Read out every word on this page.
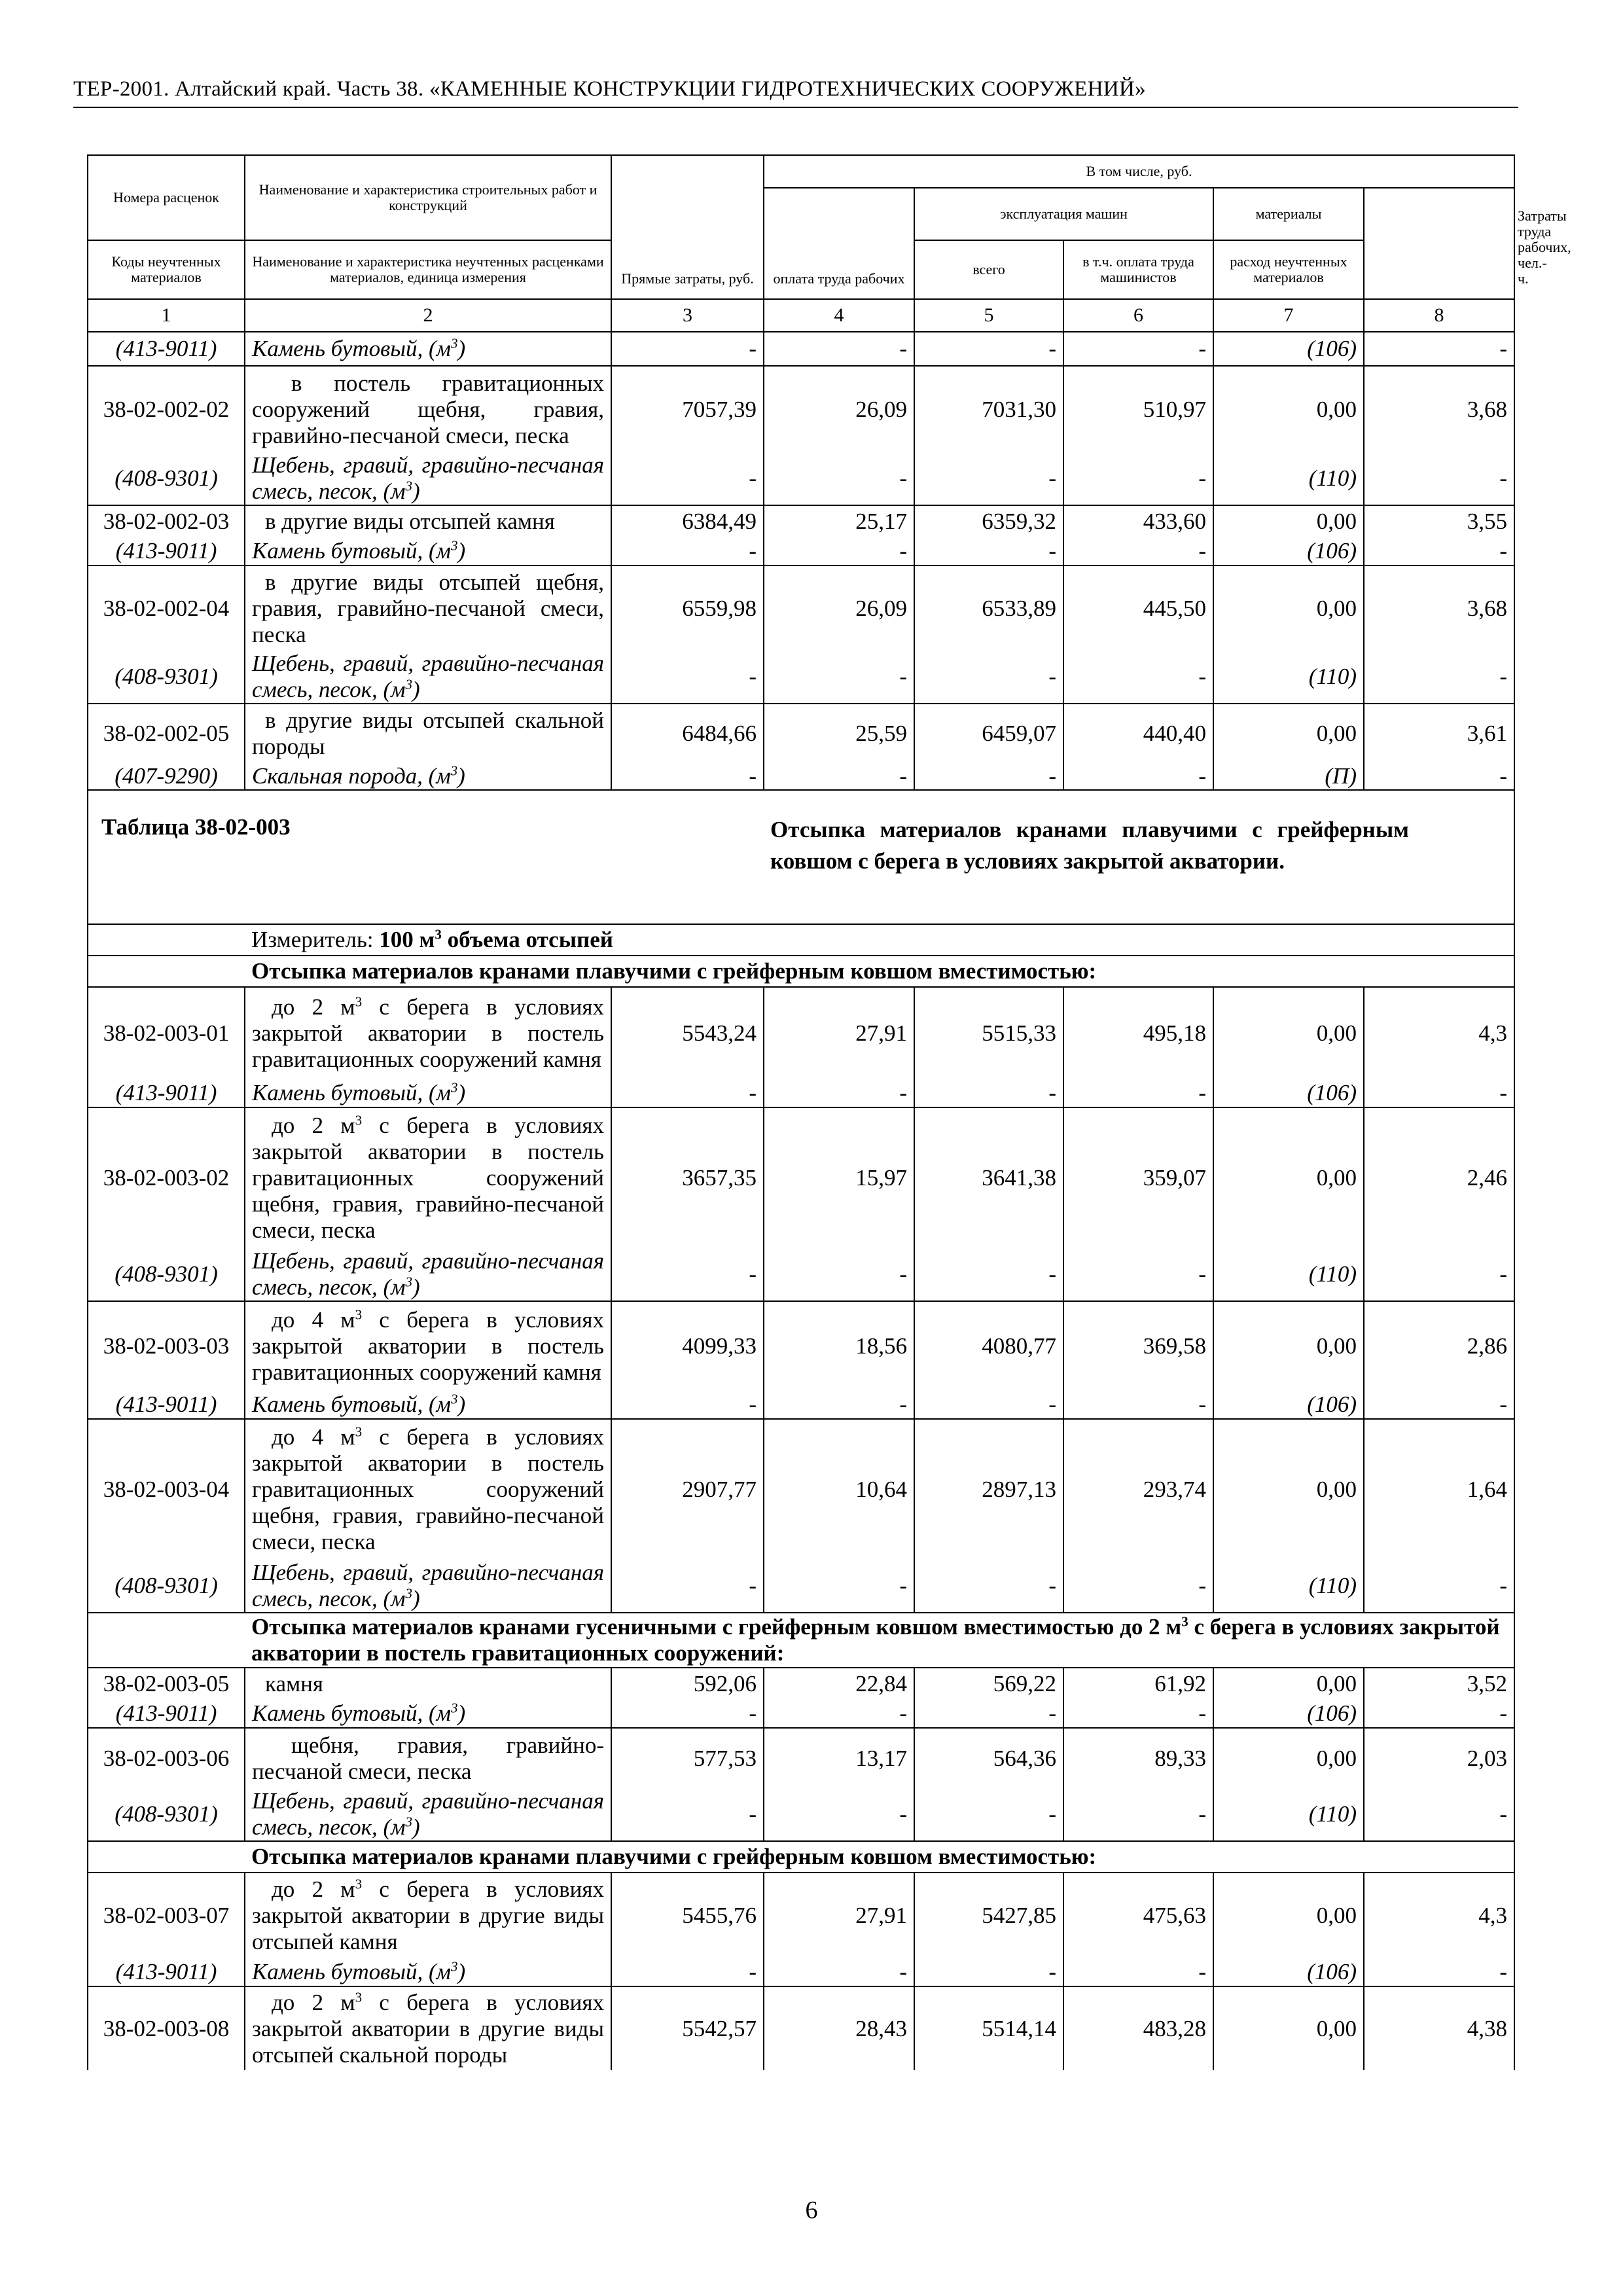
ТЕР-2001. Алтайский край. Часть 38. «КАМЕННЫЕ КОНСТРУКЦИИ ГИДРОТЕХНИЧЕСКИХ СООРУЖЕНИЙ»
Номера расценок	Наименование и характеристика строительных работ и конструкций	Прямые затраты, руб.	В том числе, руб.					Затраты труда рабочих, чел.-ч.
			оплата труда рабочих	эксплуатация машин		материалы		
Коды неучтенных материалов	Наименование и характеристика неучтенных расценками материалов, единица измерения			всего	в т.ч. оплата труда машинистов	расход неучтенных материалов		

1	2	3	4	5	6	7	8	
(413-9011)	Камень бутовый, $(м^3)$	-	-	-	-	(106)	-	
38-02-002-02	в постель гравитационных сооружений щебня, гравия, гравийно-песчаной смеси, песка	7057,39	26,09	7031,30	510,97	0,00	3,68	
(408-9301)	Щебень, гравий, гравийно-песчаная смесь, песок, $(м^3)$	-	-	-	-	(110)	-	
38-02-002-03	в другие виды отсыпей камня	6384,49	25,17	6359,32	433,60	0,00	3,55	
(413-9011)	Камень бутовый, $(м^3)$	-	-	-	-	(106)	-	
38-02-002-04	в другие виды отсыпей щебня, гравия, гравийно-песчаной смеси, песка	6559,98	26,09	6533,89	445,50	0,00	3,68	
(408-9301)	Щебень, гравий, гравийно-песчаная смесь, песок, $(м^3)$	-	-	-	-	(110)	-	
38-02-002-05	в другие виды отсыпей скальной породы	6484,66	25,59	6459,07	440,40	0,00	3,61	
(407-9290)	Скальная порода, $(м^3)$	-	-	-	-	(П)	-	
Таблица 38-02-003			Отсыпка материалов кранами плавучими с грейферным ковшом с берега в условиях закрытой акватории.					
	Измеритель: 100 $м^3$ объема отсыпей							
	Отсыпка материалов кранами плавучими с грейферным ковшом вместимостью:							
38-02-003-01	до 2 $м^3$ с берега в условиях закрытой акватории в постель гравитационных сооружений камня	5543,24	27,91	5515,33	495,18	0,00	4,3	
(413-9011)	Камень бутовый, $(м^3)$	-	-	-	-	(106)	-	
38-02-003-02	до 2 $м^3$ с берега в условиях закрытой акватории в постель гравитационных сооружений щебня, гравия, гравийно-песчаной смеси, песка	3657,35	15,97	3641,38	359,07	0,00	2,46	
(408-9301)	Щебень, гравий, гравийно-песчаная смесь, песок, $(м^3)$	-	-	-	-	(110)	-	
38-02-003-03	до 4 $м^3$ с берега в условиях закрытой акватории в постель гравитационных сооружений камня	4099,33	18,56	4080,77	369,58	0,00	2,86	
(413-9011)	Камень бутовый, $(м^3)$	-	-	-	-	(106)	-	
38-02-003-04	до 4 $м^3$ с берега в условиях закрытой акватории в постель гравитационных сооружений щебня, гравия, гравийно-песчаной смеси, песка	2907,77	10,64	2897,13	293,74	0,00	1,64	
(408-9301)	Щебень, гравий, гравийно-песчаная смесь, песок, $(м^3)$	-	-	-	-	(110)	-	
	Отсыпка материалов кранами гусеничными с грейферным ковшом вместимостью до 2 $м^3$ с берега в условиях закрытой акватории в постель гравитационных сооружений:							
38-02-003-05	камня	592,06	22,84	569,22	61,92	0,00	3,52	
(413-9011)	Камень бутовый, $(м^3)$	-	-	-	-	(106)	-	
38-02-003-06	щебня, гравия, гравийно-песчаной смеси, песка	577,53	13,17	564,36	89,33	0,00	2,03	
(408-9301)	Щебень, гравий, гравийно-песчаная смесь, песок, $(м^3)$	-	-	-	-	(110)	-	
	Отсыпка материалов кранами плавучими с грейферным ковшом вместимостью:							
38-02-003-07	до 2 $м^3$ с берега в условиях закрытой акватории в другие виды отсыпей камня	5455,76	27,91	5427,85	475,63	0,00	4,3	
(413-9011)	Камень бутовый, $(м^3)$	-	-	-	-	(106)	-	
38-02-003-08	до 2 $м^3$ с берега в условиях закрытой акватории в другие виды отсыпей скальной породы	5542,57	28,43	5514,14	483,28	0,00	4,38	
6
